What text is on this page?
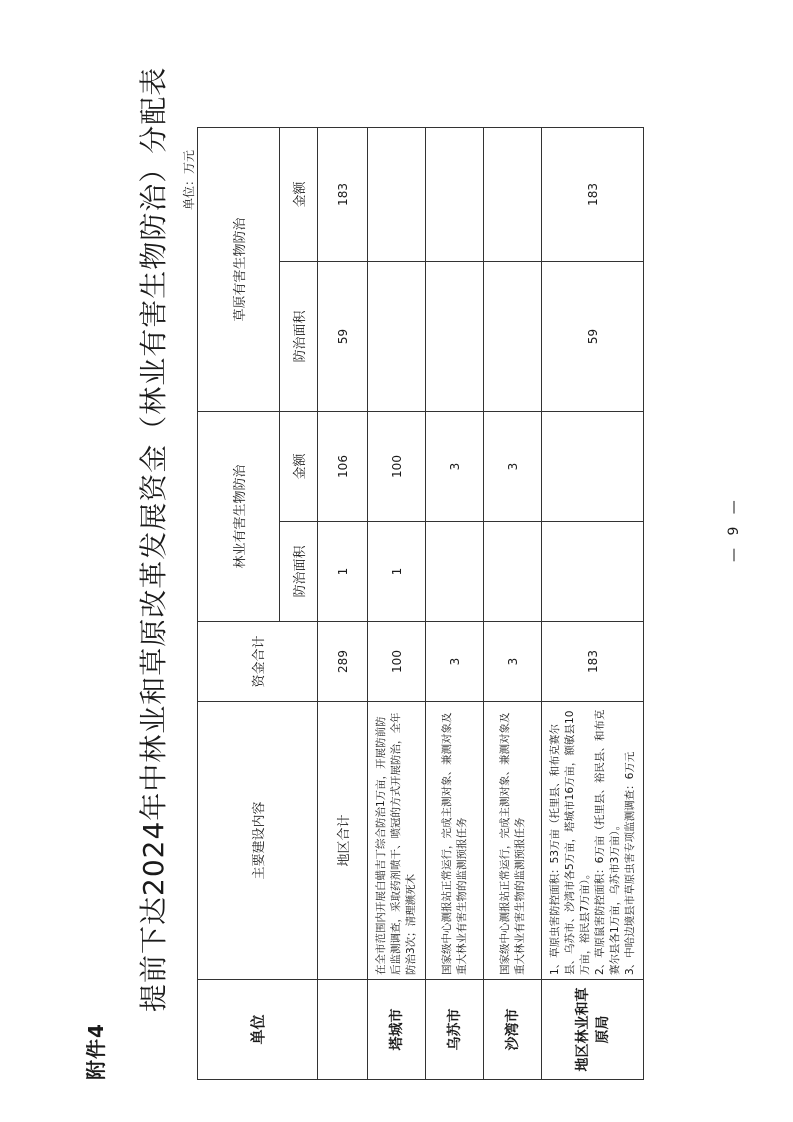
附件4
提前下达2024年中林业和草原改革发展资金（林业有害生物防治）分配表 单位：万元
单位	主要建设内容	资金合计	林业有害生物防治		草原有害生物防治	
			防治面积	金额	防治面积	金额
	地区合计	289	1	106	59	183
塔城市	在全市范围内开展白蜡吉丁综合防治1万亩，开展防前防后监测调查，采取药剂喷干、喷冠的方式开展防治，全年防治3次；清理濒死木	100	1	100		
乌苏市	国家级中心测报站正常运行，完成主测对象、兼测对象及重大林业有害生物的监测预报任务	3		3		
沙湾市	国家级中心测报站正常运行，完成主测对象、兼测对象及重大林业有害生物的监测预报任务	3		3		
地区林业和草原局	1、草原虫害防控面积：53万亩（托里县、和布克赛尔县、乌苏市、沙湾市各5万亩，塔城市16万亩，额敏县10万亩，裕民县7万亩）。
2、草原鼠害防控面积：6万亩（托里县、裕民县、和布克赛尔县各1万亩，乌苏市3万亩）。
3、中哈边境县市草原虫害专项监测调查：6万元	183			59	183
— 9 —
